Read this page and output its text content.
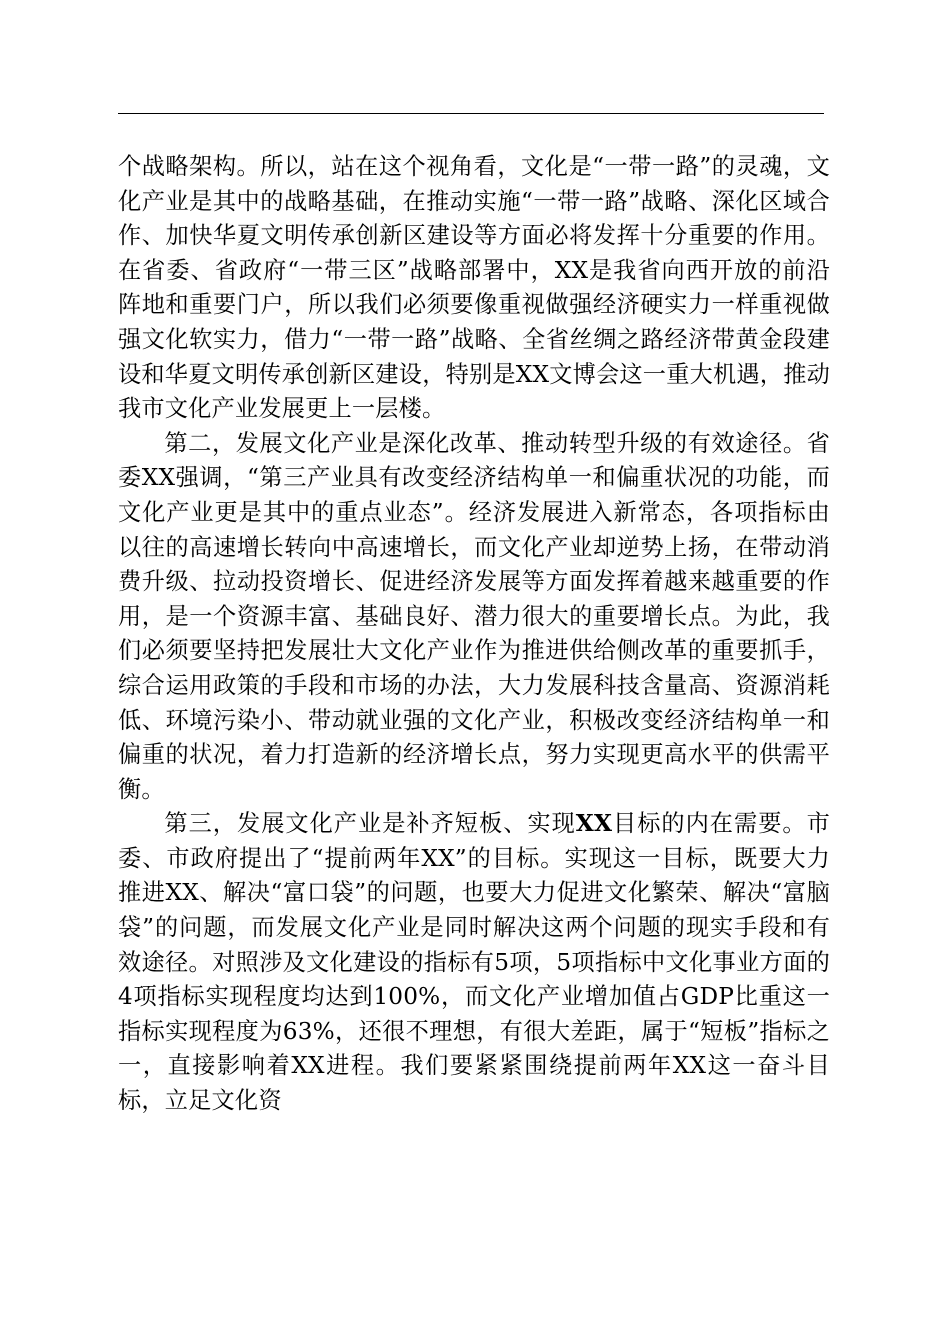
个战略架构。所以，站在这个视角看，文化是“一带一路”的灵魂，文化产业是其中的战略基础，在推动实施“一带一路”战略、深化区域合作、加快华夏文明传承创新区建设等方面必将发挥十分重要的作用。在省委、省政府“一带三区”战略部署中，XX是我省向西开放的前沿阵地和重要门户，所以我们必须要像重视做强经济硬实力一样重视做强文化软实力，借力“一带一路”战略、全省丝绸之路经济带黄金段建设和华夏文明传承创新区建设，特别是XX文博会这一重大机遇，推动我市文化产业发展更上一层楼。

第二，发展文化产业是深化改革、推动转型升级的有效途径。省委XX强调，“第三产业具有改变经济结构单一和偏重状况的功能，而文化产业更是其中的重点业态”。经济发展进入新常态，各项指标由以往的高速增长转向中高速增长，而文化产业却逆势上扬，在带动消费升级、拉动投资增长、促进经济发展等方面发挥着越来越重要的作用，是一个资源丰富、基础良好、潜力很大的重要增长点。为此，我们必须要坚持把发展壮大文化产业作为推进供给侧改革的重要抓手，综合运用政策的手段和市场的办法，大力发展科技含量高、资源消耗低、环境污染小、带动就业强的文化产业，积极改变经济结构单一和偏重的状况，着力打造新的经济增长点，努力实现更高水平的供需平衡。

第三，发展文化产业是补齐短板、实现XX目标的内在需要。市委、市政府提出了“提前两年XX”的目标。实现这一目标，既要大力推进XX、解决“富口袋”的问题，也要大力促进文化繁荣、解决“富脑袋”的问题，而发展文化产业是同时解决这两个问题的现实手段和有效途径。对照涉及文化建设的指标有5项，5项指标中文化事业方面的4项指标实现程度均达到100%，而文化产业增加值占GDP比重这一指标实现程度为63%，还很不理想，有很大差距，属于“短板”指标之一，直接影响着XX进程。我们要紧紧围绕提前两年XX这一奋斗目标，立足文化资
